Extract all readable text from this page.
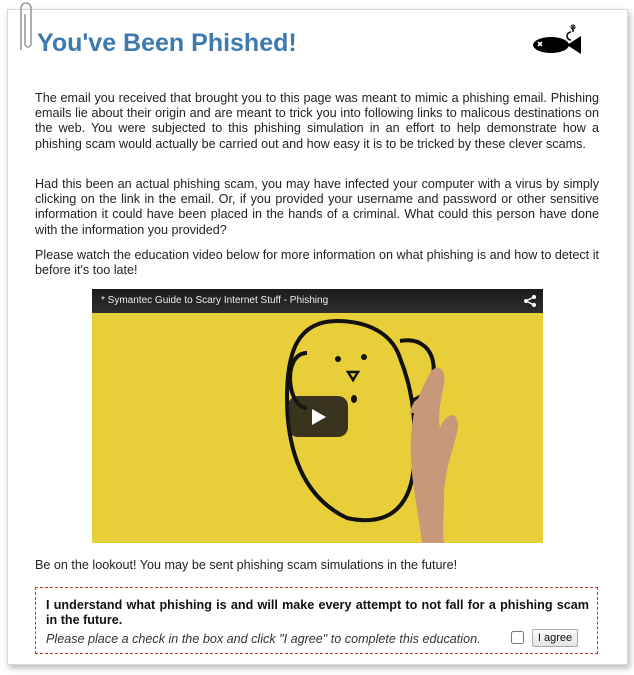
You've Been Phished!

The email you received that brought you to this page was meant to mimic a phishing email. Phishing emails lie about their origin and are meant to trick you into following links to malicous destinations on the web. You were subjected to this phishing simulation in an effort to help demonstrate how a phishing scam would actually be carried out and how easy it is to be tricked by these clever scams.

Had this been an actual phishing scam, you may have infected your computer with a virus by simply clicking on the link in the email. Or, if you provided your username and password or other sensitive information it could have been placed in the hands of a criminal. What could this person have done with the information you provided?

Please watch the education video below for more information on what phishing is and how to detect it before it's too late!

* Symantec Guide to Scary Internet Stuff - Phishing

Be on the lookout! You may be sent phishing scam simulations in the future!

I understand what phishing is and will make every attempt to not fall for a phishing scam in the future.

Please place a check in the box and click "I agree" to complete this education.	I agree
